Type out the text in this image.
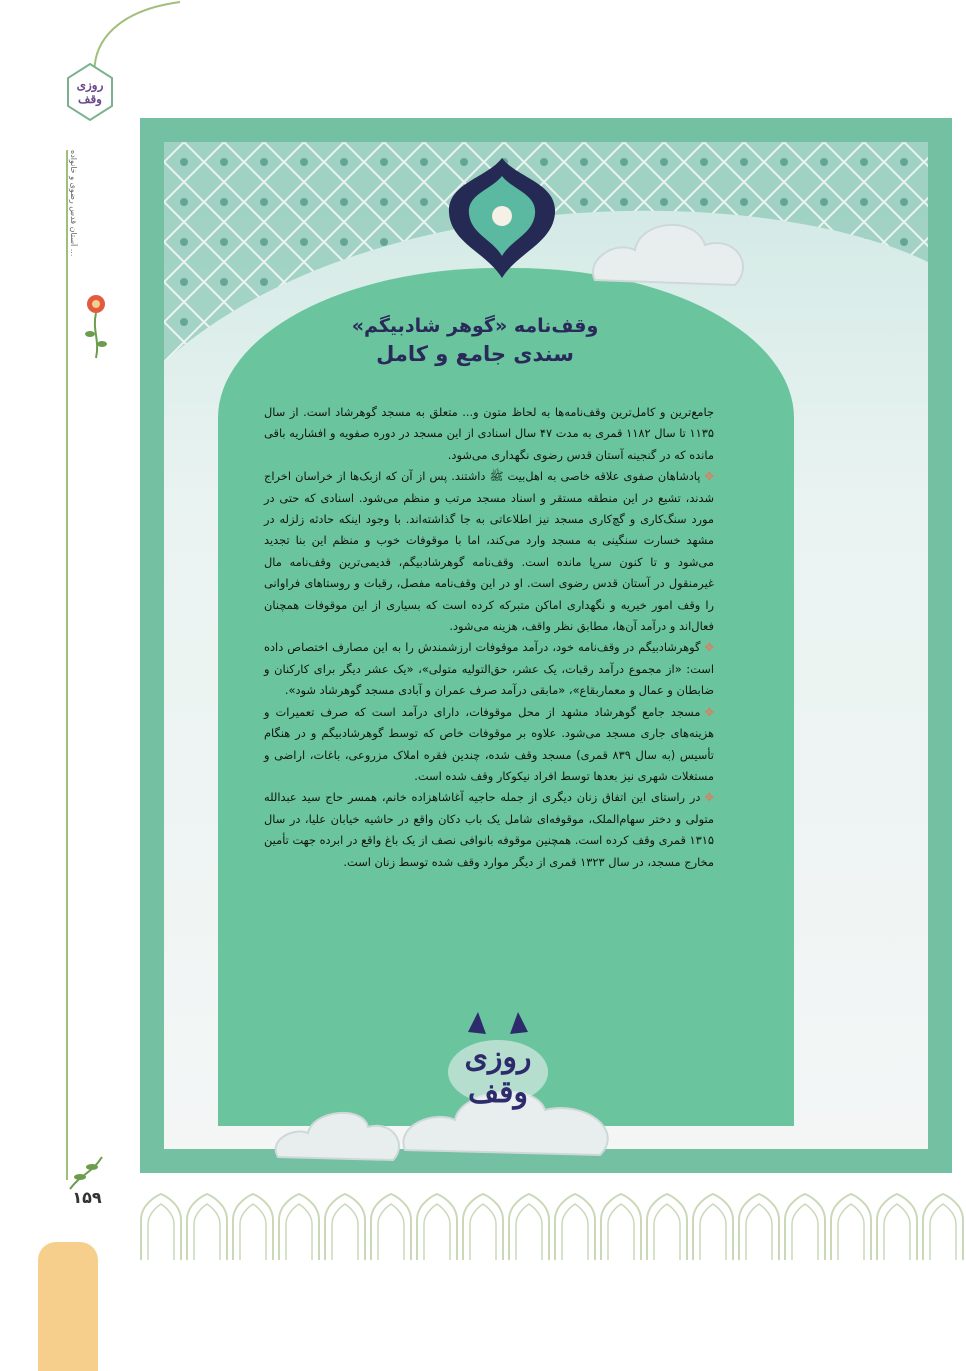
روزی وقف
آستان قدس رضوی و خانواده ...
وقف‌نامه «گوهر شادبیگم»
سندی جامع و کامل

جامع‌ترین و کامل‌ترین وقف‌نامه‌ها به لحاظ متون و... متعلق به مسجد گوهرشاد است. از سال ۱۱۳۵ تا سال ۱۱۸۲ قمری به مدت ۴۷ سال اسنادی از این مسجد در دوره صفویه و افشاریه باقی مانده که در گنجینه آستان قدس رضوی نگهداری می‌شود.

✥پادشاهان صفوی علاقه خاصی به اهل‌بیت ﷺ داشتند. پس از آن که ازبک‌ها از خراسان اخراج شدند، تشیع در این منطقه مستقر و اسناد مسجد مرتب و منظم می‌شود. اسنادی که حتی در مورد سنگ‌کاری و گچ‌کاری مسجد نیز اطلاعاتی به جا گذاشته‌اند. با وجود اینکه حادثه زلزله در مشهد خسارت سنگینی به مسجد وارد می‌کند، اما با موقوفات خوب و منظم این بنا تجدید می‌شود و تا کنون سرپا مانده است. وقف‌نامه گوهرشادبیگم، قدیمی‌ترین وقف‌نامه مال غیرمنقول در آستان قدس رضوی است. او در این وقف‌نامه مفصل، رقبات و روستاهای فراوانی را وقف امور خیریه و نگهداری اماکن متبرکه کرده است که بسیاری از این موقوفات همچنان فعال‌اند و درآمد آن‌ها، مطابق نظر واقف، هزینه می‌شود.

✥گوهرشادبیگم در وقف‌نامه خود، درآمد موقوفات ارزشمندش را به این مصارف اختصاص داده است: «از مجموع درآمد رقبات، یک عشر، حق‌التولیه متولی»، «یک عشر دیگر برای کارکنان و ضابطان و عمال و معماربقاع»، «مابقی درآمد صرف عمران و آبادی مسجد گوهرشاد شود».

✥مسجد جامع گوهرشاد مشهد از محل موقوفات، دارای درآمد است که صرف تعمیرات و هزینه‌های جاری مسجد می‌شود. علاوه بر موقوفات خاص که توسط گوهرشادبیگم و در هنگام تأسیس (به سال ۸۳۹ قمری) مسجد وقف شده، چندین فقره املاک مزروعی، باغات، اراضی و مستغلات شهری نیز بعدها توسط افراد نیکوکار وقف شده است.

✥در راستای این اتفاق زنان دیگری از جمله حاجیه آغاشاهزاده خانم، همسر حاج سید عبدالله متولی و دختر سهام‌الملک، موقوفه‌ای شامل یک باب دکان واقع در حاشیه خیابان علیا، در سال ۱۳۱۵ قمری وقف کرده است. همچنین موقوفه بانوافی نصف از یک باغ واقع در ابرده جهت تأمین مخارج مسجد، در سال ۱۳۲۳ قمری از دیگر موارد وقف شده توسط زنان است.

روزی وقف
۱۵۹
